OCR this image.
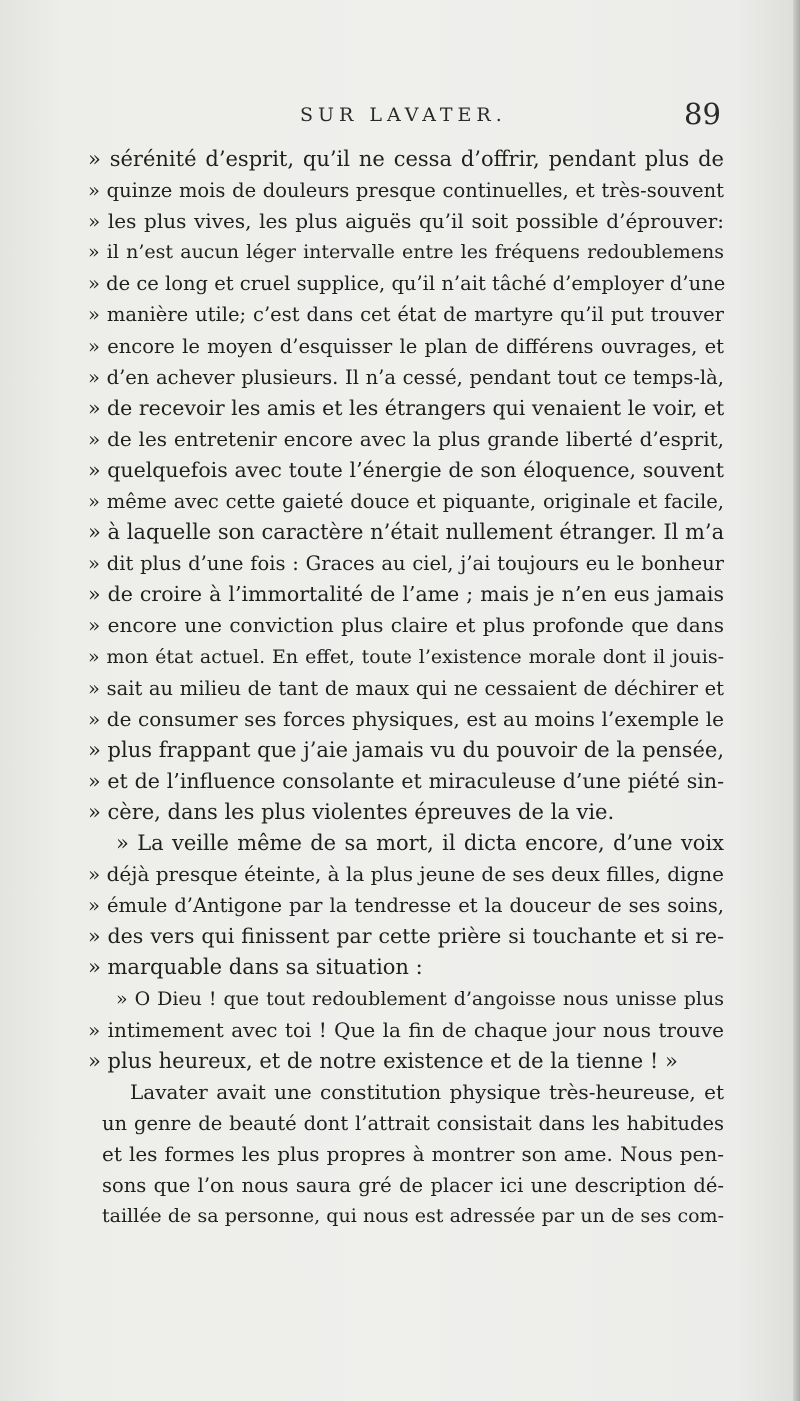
SUR LAVATER.	89
» sérénité d’esprit, qu’il ne cessa d’offrir, pendant plus de
» quinze mois de douleurs presque continuelles, et très-souvent
» les plus vives, les plus aiguës qu’il soit possible d’éprouver:
» il n’est aucun léger intervalle entre les fréquens redoublemens
» de ce long et cruel supplice, qu’il n’ait tâché d’employer d’une
» manière utile; c’est dans cet état de martyre qu’il put trouver
» encore le moyen d’esquisser le plan de différens ouvrages, et
» d’en achever plusieurs. Il n’a cessé, pendant tout ce temps-là,
» de recevoir les amis et les étrangers qui venaient le voir, et
» de les entretenir encore avec la plus grande liberté d’esprit,
» quelquefois avec toute l’énergie de son éloquence, souvent
» même avec cette gaieté douce et piquante, originale et facile,
» à laquelle son caractère n’était nullement étranger. Il m’a
» dit plus d’une fois : Graces au ciel, j’ai toujours eu le bonheur
» de croire à l’immortalité de l’ame ; mais je n’en eus jamais
» encore une conviction plus claire et plus profonde que dans
» mon état actuel. En effet, toute l’existence morale dont il jouis-
» sait au milieu de tant de maux qui ne cessaient de déchirer et
» de consumer ses forces physiques, est au moins l’exemple le
» plus frappant que j’aie jamais vu du pouvoir de la pensée,
» et de l’influence consolante et miraculeuse d’une piété sin-
» cère, dans les plus violentes épreuves de la vie.
» La veille même de sa mort, il dicta encore, d’une voix
» déjà presque éteinte, à la plus jeune de ses deux filles, digne
» émule d’Antigone par la tendresse et la douceur de ses soins,
» des vers qui finissent par cette prière si touchante et si re-
» marquable dans sa situation :
» O Dieu ! que tout redoublement d’angoisse nous unisse plus
» intimement avec toi ! Que la fin de chaque jour nous trouve
» plus heureux, et de notre existence et de la tienne ! »
Lavater avait une constitution physique très-heureuse, et
un genre de beauté dont l’attrait consistait dans les habitudes
et les formes les plus propres à montrer son ame. Nous pen-
sons que l’on nous saura gré de placer ici une description dé-
taillée de sa personne, qui nous est adressée par un de ses com-
